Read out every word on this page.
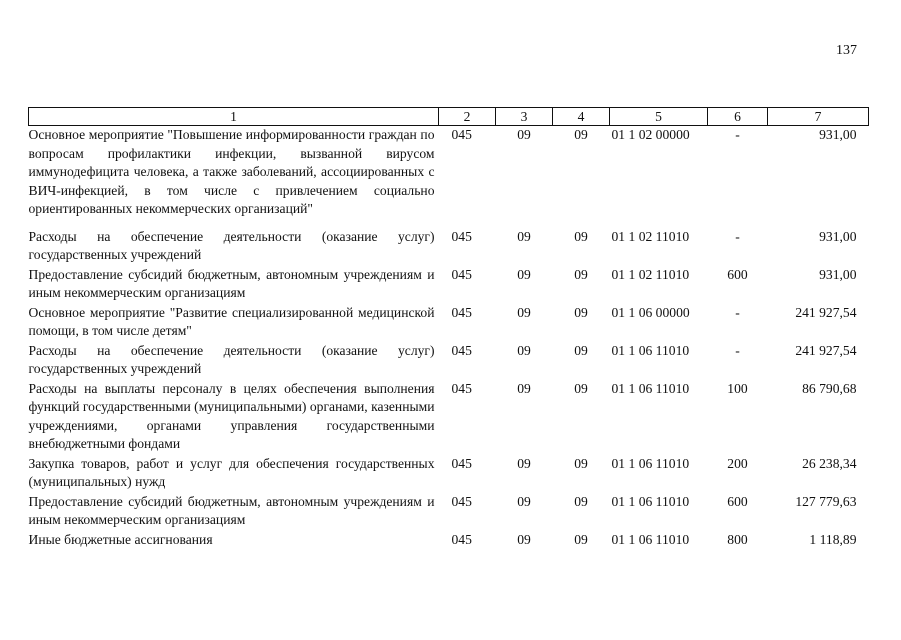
137
1	2	3	4	5	6	7
Основное мероприятие "Повышение информированности граждан по вопросам профилактики инфекции, вызванной вирусом иммунодефицита человека, а также заболеваний, ассоциированных с ВИЧ-инфекцией, в том числе с привлечением социально ориентированных некоммерческих организаций"	045	09	09	01 1 02 00000	-	931,00
Расходы на обеспечение деятельности (оказание услуг) государственных учреждений	045	09	09	01 1 02 11010	-	931,00
Предоставление субсидий бюджетным, автономным учреждениям и иным некоммерческим организациям	045	09	09	01 1 02 11010	600	931,00
Основное мероприятие "Развитие специализированной медицинской помощи, в том числе детям"	045	09	09	01 1 06 00000	-	241 927,54
Расходы на обеспечение деятельности (оказание услуг) государственных учреждений	045	09	09	01 1 06 11010	-	241 927,54
Расходы на выплаты персоналу в целях обеспечения выполнения функций государственными (муниципальными) органами, казенными учреждениями, органами управления государственными внебюджетными фондами	045	09	09	01 1 06 11010	100	86 790,68
Закупка товаров, работ и услуг для обеспечения государственных (муниципальных) нужд	045	09	09	01 1 06 11010	200	26 238,34
Предоставление субсидий бюджетным, автономным учреждениям и иным некоммерческим организациям	045	09	09	01 1 06 11010	600	127 779,63
Иные бюджетные ассигнования	045	09	09	01 1 06 11010	800	1 118,89
